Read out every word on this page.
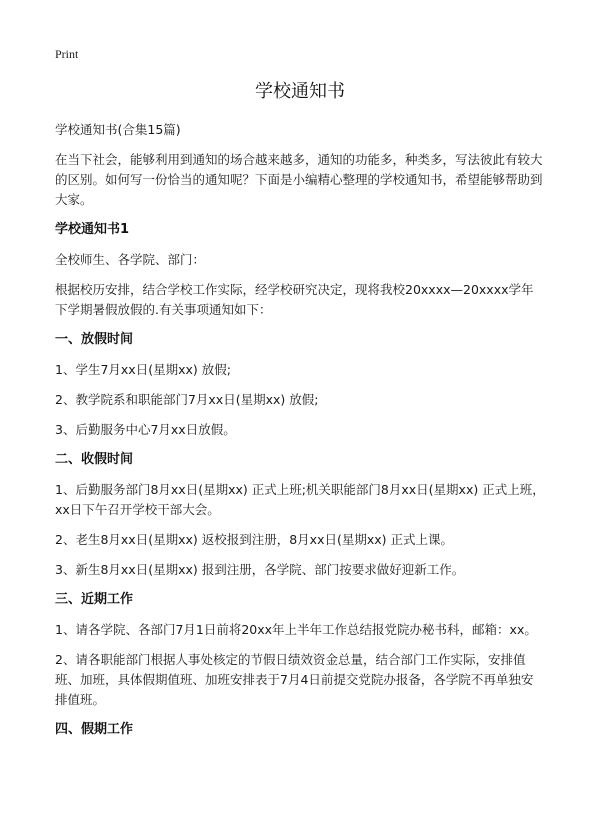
Print
学校通知书

学校通知书(合集15篇)

在当下社会，能够利用到通知的场合越来越多，通知的功能多，种类多，写法彼此有较大的区别。如何写一份恰当的通知呢？下面是小编精心整理的学校通知书，希望能够帮助到大家。

学校通知书1

全校师生、各学院、部门：

根据校历安排，结合学校工作实际，经学校研究决定，现将我校20xxxx—20xxxx学年下学期暑假放假的.有关事项通知如下：

一、放假时间

1、学生7月xx日(星期xx) 放假;

2、教学院系和职能部门7月xx日(星期xx) 放假;

3、后勤服务中心7月xx日放假。

二、收假时间

1、后勤服务部门8月xx日(星期xx) 正式上班;机关职能部门8月xx日(星期xx) 正式上班，xx日下午召开学校干部大会。

2、老生8月xx日(星期xx) 返校报到注册，8月xx日(星期xx) 正式上课。

3、新生8月xx日(星期xx) 报到注册，各学院、部门按要求做好迎新工作。

三、近期工作

1、请各学院、各部门7月1日前将20xx年上半年工作总结报党院办秘书科，邮箱：xx。

2、请各职能部门根据人事处核定的节假日绩效资金总量，结合部门工作实际，安排值班、加班，具体假期值班、加班安排表于7月4日前提交党院办报备，各学院不再单独安排值班。

四、假期工作
